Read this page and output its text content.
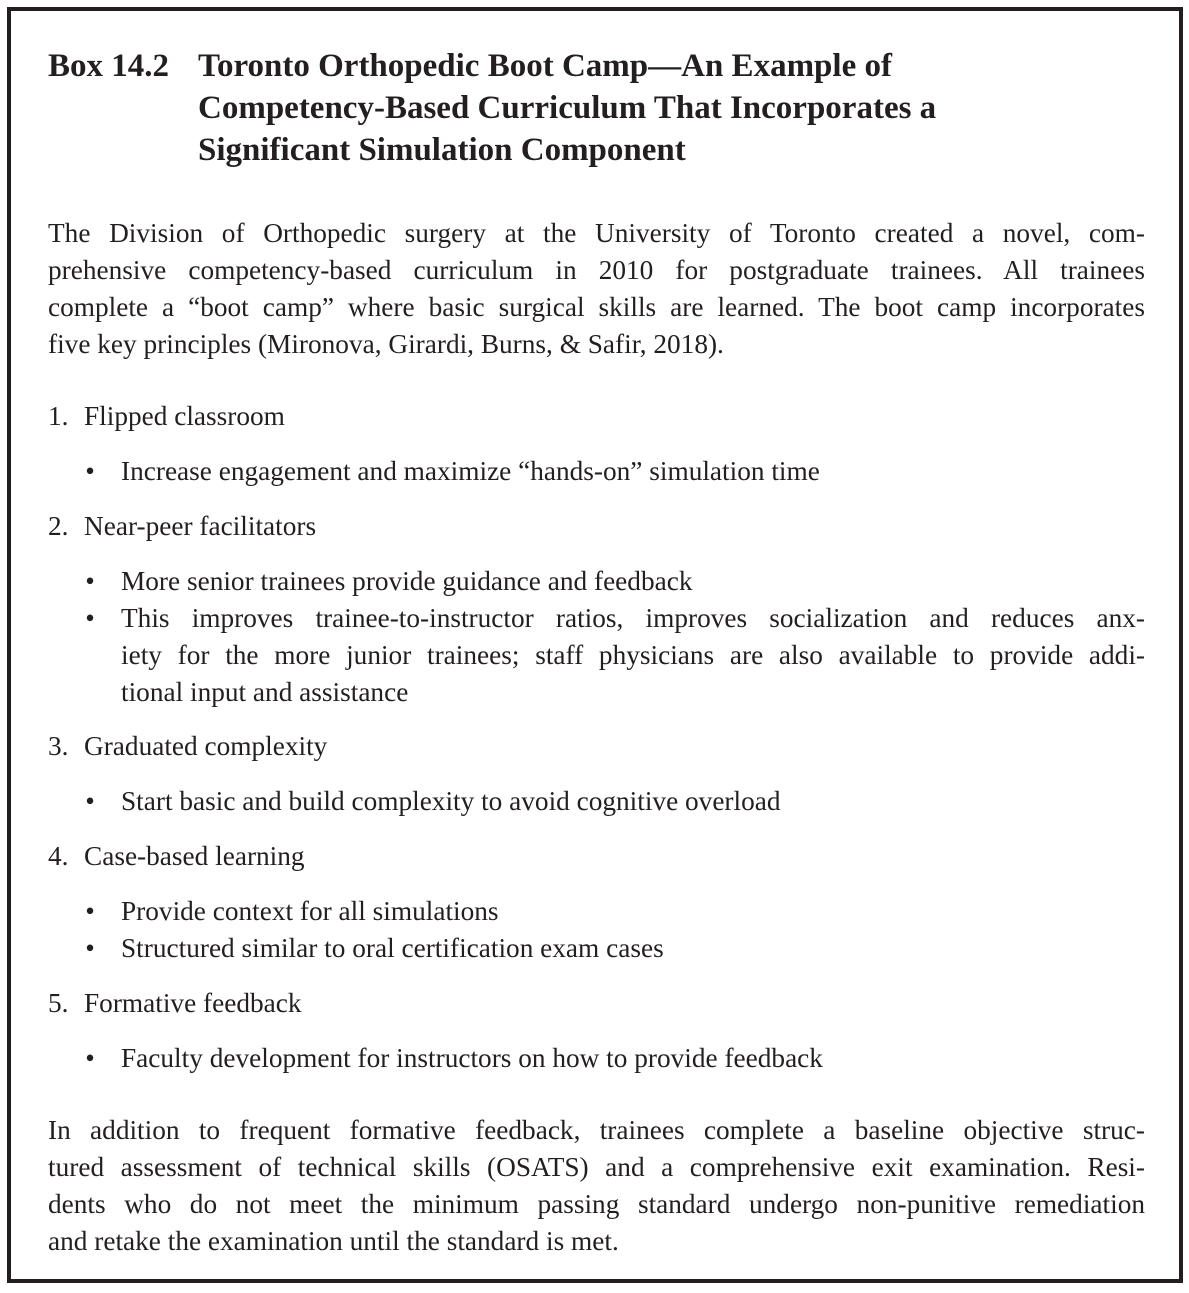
Box 14.2 Toronto Orthopedic Boot Camp—An Example of
Competency-Based Curriculum That Incorporates a
Significant Simulation Component
The Division of Orthopedic surgery at the University of Toronto created a novel, com-
prehensive competency-based curriculum in 2010 for postgraduate trainees. All trainees
complete a “boot camp” where basic surgical skills are learned. The boot camp incorporates
five key principles (Mironova, Girardi, Burns, & Safir, 2018).
1. Flipped classroom
• Increase engagement and maximize “hands-on” simulation time
2. Near-peer facilitators
• More senior trainees provide guidance and feedback
• This improves trainee-to-instructor ratios, improves socialization and reduces anx-
iety for the more junior trainees; staff physicians are also available to provide addi-
tional input and assistance
3. Graduated complexity
• Start basic and build complexity to avoid cognitive overload
4. Case-based learning
• Provide context for all simulations
• Structured similar to oral certification exam cases
5. Formative feedback
• Faculty development for instructors on how to provide feedback
In addition to frequent formative feedback, trainees complete a baseline objective struc-
tured assessment of technical skills (OSATS) and a comprehensive exit examination. Resi-
dents who do not meet the minimum passing standard undergo non-punitive remediation
and retake the examination until the standard is met.
